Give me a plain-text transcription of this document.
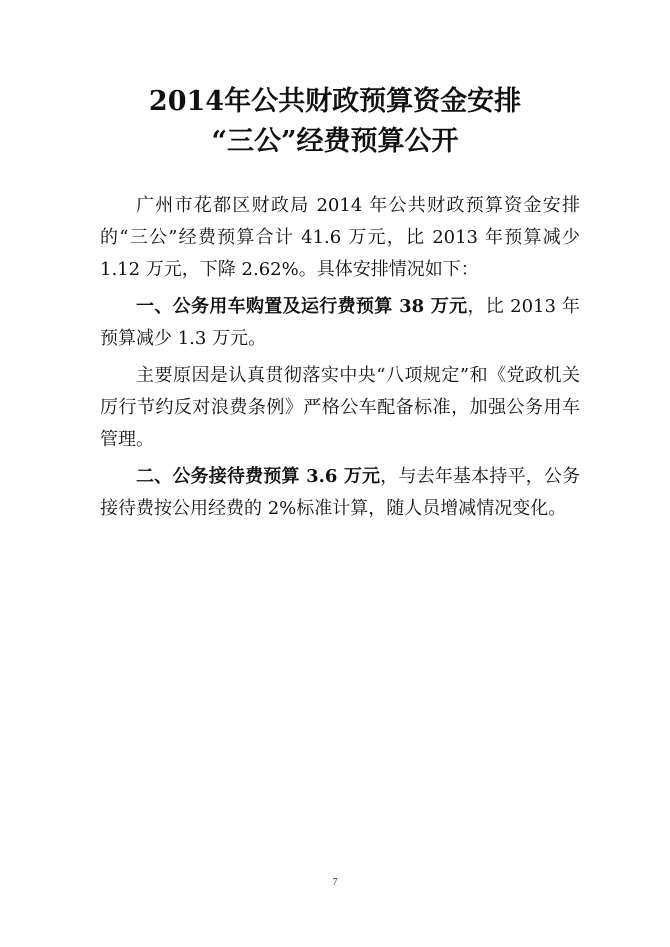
2014年公共财政预算资金安排
“三公”经费预算公开

广州市花都区财政局 2014 年公共财政预算资金安排的“三公”经费预算合计 41.6 万元，比 2013 年预算减少 1.12 万元，下降 2.62%。具体安排情况如下：

一、公务用车购置及运行费预算 38 万元，比 2013 年预算减少 1.3 万元。

主要原因是认真贯彻落实中央“八项规定”和《党政机关厉行节约反对浪费条例》严格公车配备标准，加强公务用车管理。

二、公务接待费预算 3.6 万元，与去年基本持平，公务接待费按公用经费的 2%标准计算，随人员增减情况变化。

7
